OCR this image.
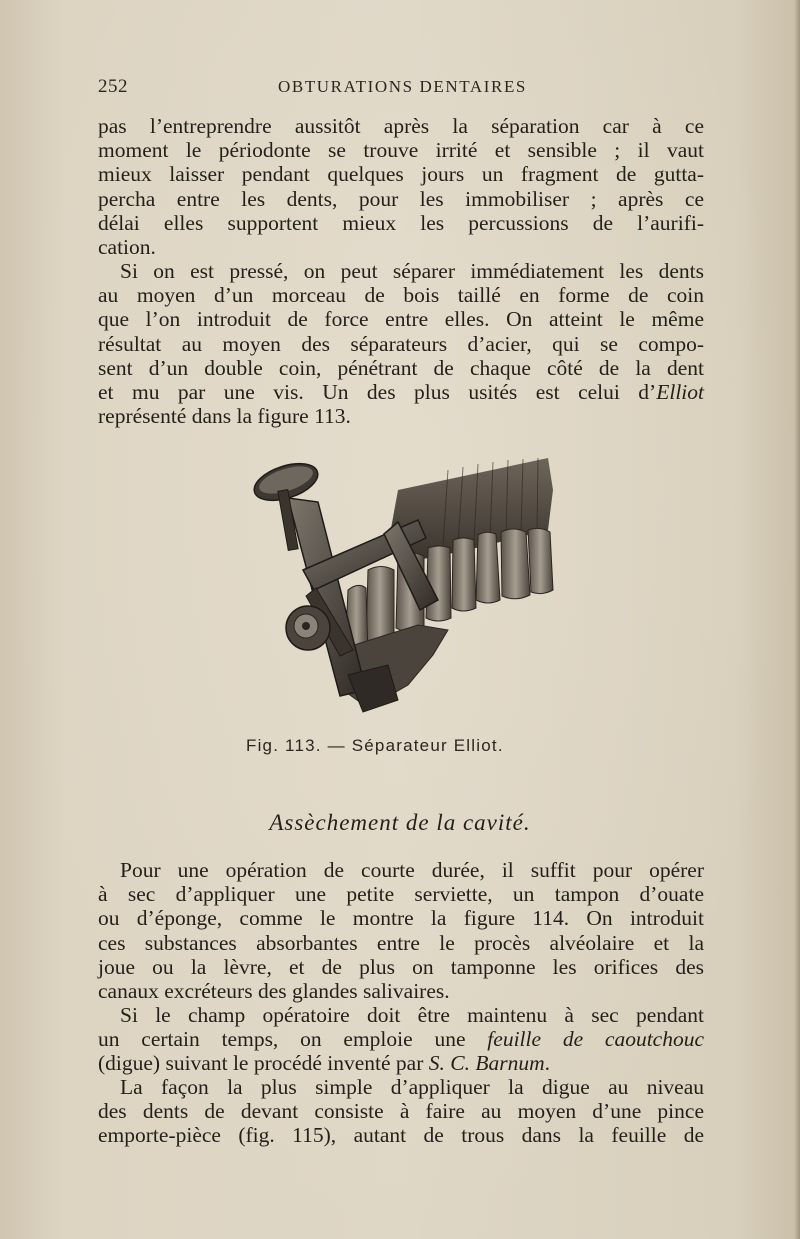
252	OBTURATIONS DENTAIRES
pas l’entreprendre aussitôt après la séparation car à ce
moment le périodonte se trouve irrité et sensible ; il vaut
mieux laisser pendant quelques jours un fragment de gutta-
percha entre les dents, pour les immobiliser ; après ce
délai elles supportent mieux les percussions de l’aurifi-
cation.
Si on est pressé, on peut séparer immédiatement les dents
au moyen d’un morceau de bois taillé en forme de coin
que l’on introduit de force entre elles. On atteint le même
résultat au moyen des séparateurs d’acier, qui se compo-
sent d’un double coin, pénétrant de chaque côté de la dent
et mu par une vis. Un des plus usités est celui d’Elliot
représenté dans la figure 113.
Fig. 113. — Séparateur Elliot.
Assèchement de la cavité.
Pour une opération de courte durée, il suffit pour opérer
à sec d’appliquer une petite serviette, un tampon d’ouate
ou d’éponge, comme le montre la figure 114. On introduit
ces substances absorbantes entre le procès alvéolaire et la
joue ou la lèvre, et de plus on tamponne les orifices des
canaux excréteurs des glandes salivaires.
Si le champ opératoire doit être maintenu à sec pendant
un certain temps, on emploie une feuille de caoutchouc
(digue) suivant le procédé inventé par S. C. Barnum.
La façon la plus simple d’appliquer la digue au niveau
des dents de devant consiste à faire au moyen d’une pince
emporte-pièce (fig. 115), autant de trous dans la feuille de
